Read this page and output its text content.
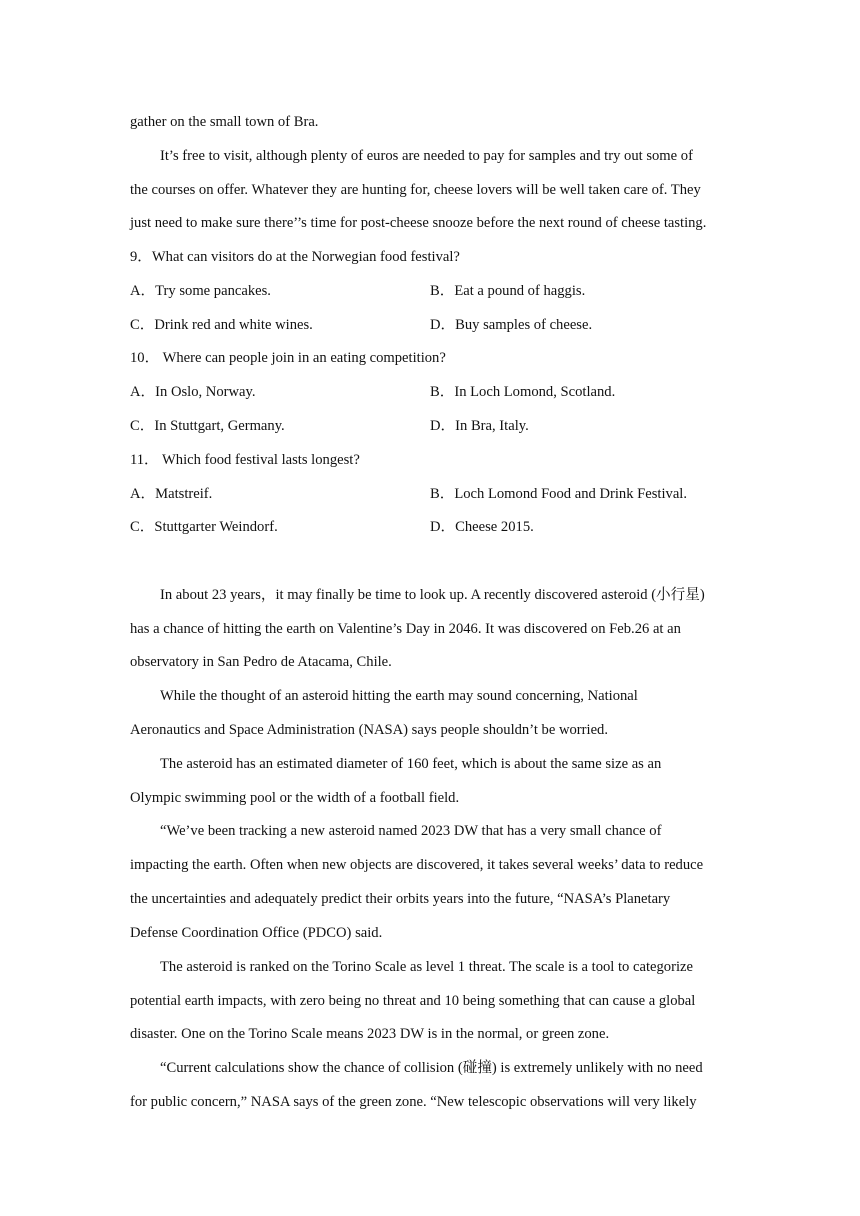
gather on the small town of Bra.
It’s free to visit, although plenty of euros are needed to pay for samples and try out some of
the courses on offer. Whatever they are hunting for, cheese lovers will be well taken care of. They
just need to make sure there’’s time for post-cheese snooze before the next round of cheese tasting.
9．What can visitors do at the Norwegian food festival?
A．Try some pancakes.	B．Eat a pound of haggis.
C．Drink red and white wines.	D．Buy samples of cheese.
10． Where can people join in an eating competition?
A．In Oslo, Norway.	B．In Loch Lomond, Scotland.
C．In Stuttgart, Germany.	D．In Bra, Italy.
11． Which food festival lasts longest?
A．Matstreif.	B．Loch Lomond Food and Drink Festival.
C．Stuttgarter Weindorf.	D．Cheese 2015.
In about 23 years，it may finally be time to look up. A recently discovered asteroid (小行星)
has a chance of hitting the earth on Valentine’s Day in 2046. It was discovered on Feb.26 at an
observatory in San Pedro de Atacama, Chile.
While the thought of an asteroid hitting the earth may sound concerning, National
Aeronautics and Space Administration (NASA) says people shouldn’t be worried.
The asteroid has an estimated diameter of 160 feet, which is about the same size as an
Olympic swimming pool or the width of a football field.
“We’ve been tracking a new asteroid named 2023 DW that has a very small chance of
impacting the earth. Often when new objects are discovered, it takes several weeks’ data to reduce
the uncertainties and adequately predict their orbits years into the future, “NASA’s Planetary
Defense Coordination Office (PDCO) said.
The asteroid is ranked on the Torino Scale as level 1 threat. The scale is a tool to categorize
potential earth impacts, with zero being no threat and 10 being something that can cause a global
disaster. One on the Torino Scale means 2023 DW is in the normal, or green zone.
“Current calculations show the chance of collision (碰撞) is extremely unlikely with no need
for public concern,” NASA says of the green zone. “New telescopic observations will very likely
